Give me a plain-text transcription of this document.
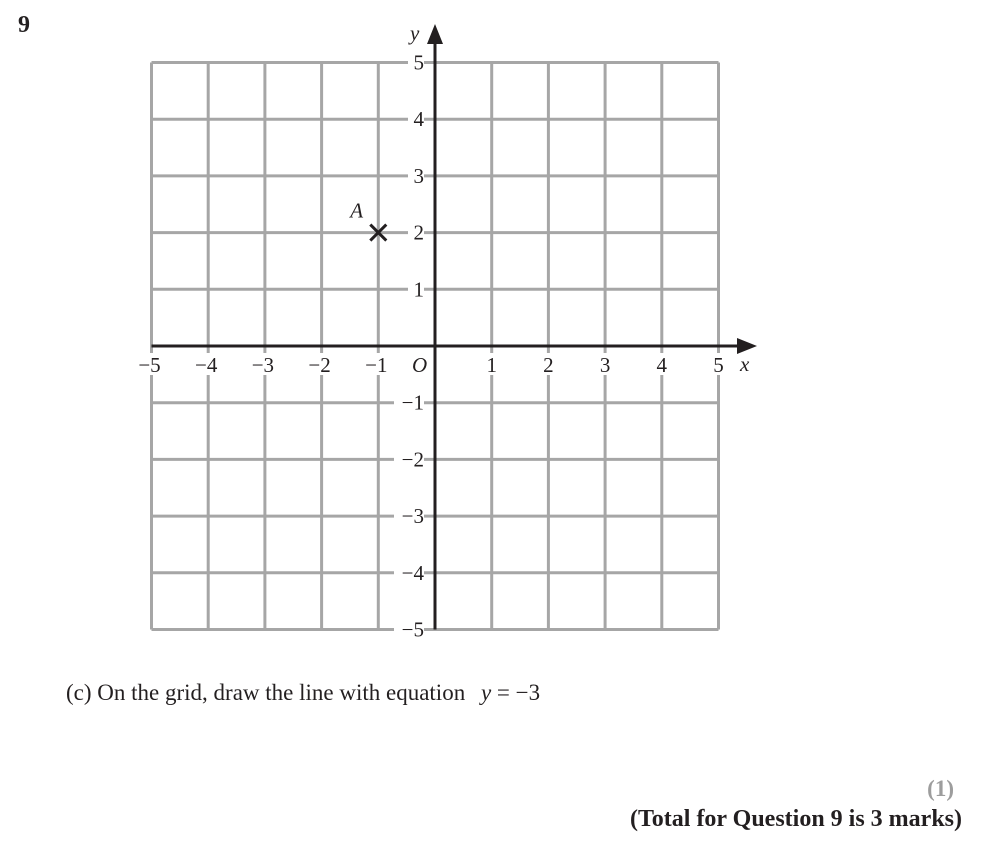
9
x
y
O
−5 −4 −3 −2 −1	1 2 3 4 5
5
4
3
2
1
−1
−2
−3
−4
−5
A
(c) On the grid, draw the line with equation y = −3
(1)
(Total for Question 9 is 3 marks)
